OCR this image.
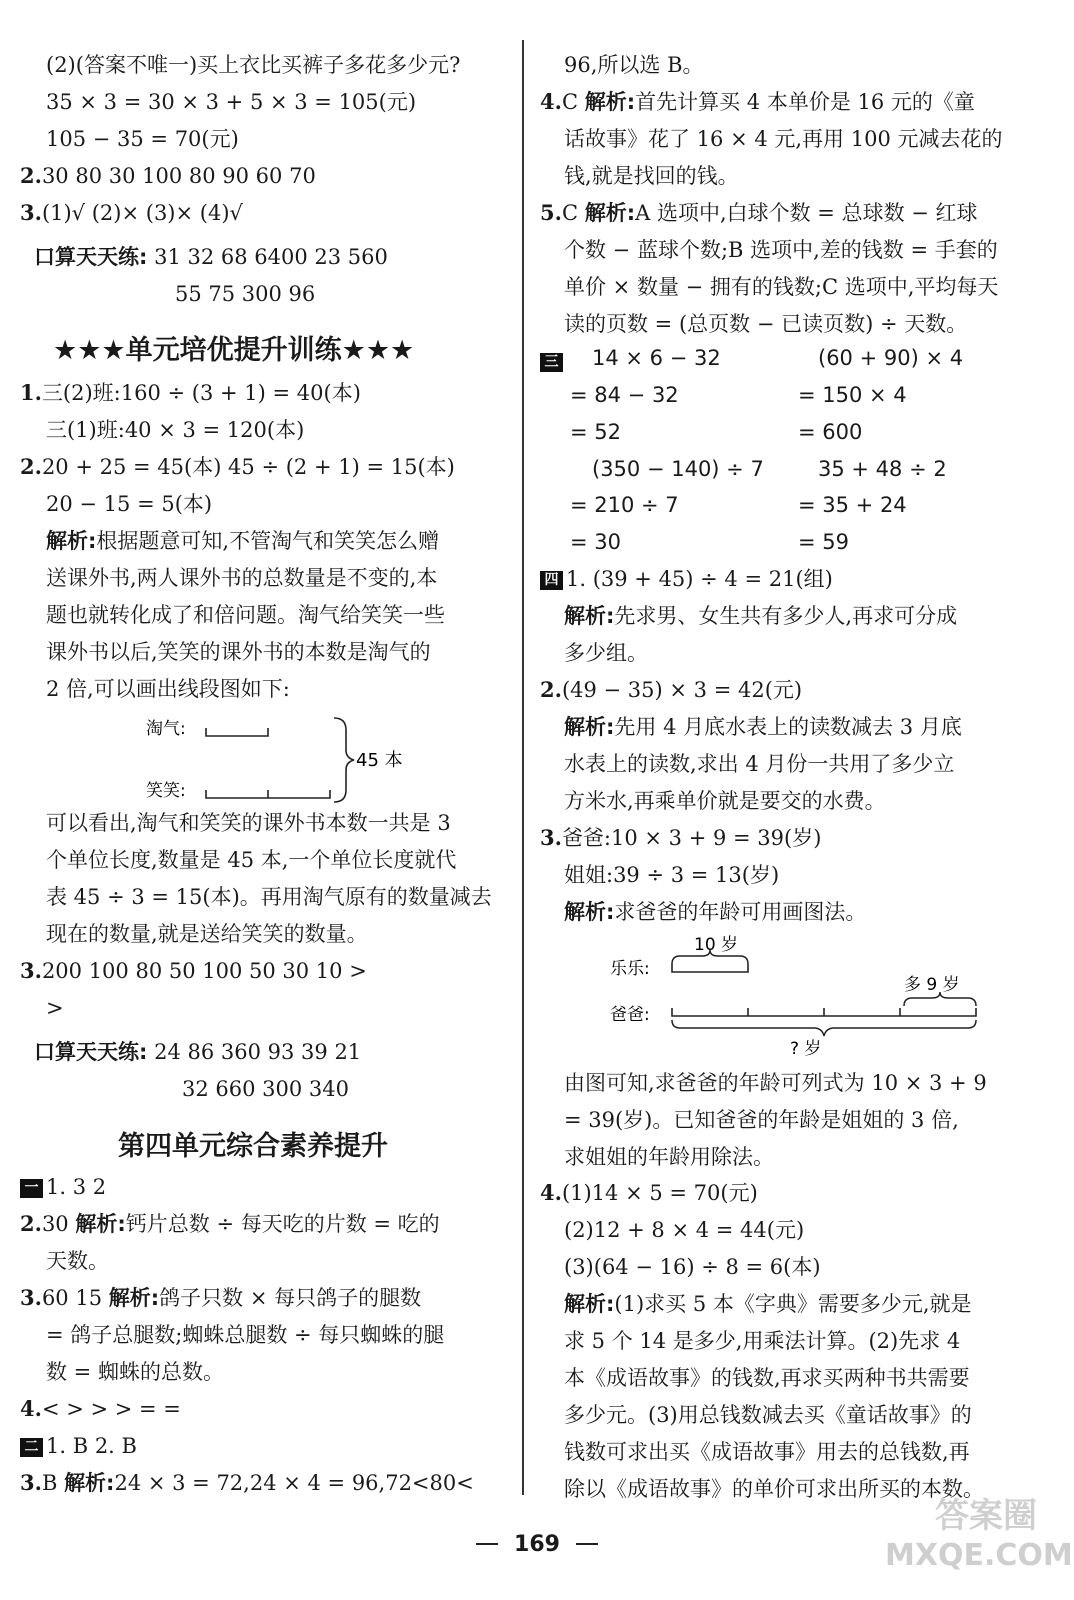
(2)(答案不唯一)买上衣比买裤子多花多少元?
35 × 3 = 30 × 3 + 5 × 3 = 105(元)
105 − 35 = 70(元)
2.30 80 30 100 80 90 60 70
3.(1)√ (2)× (3)× (4)√
口算天天练: 31 32 68 6400 23 560
55 75 300 96
★★★单元培优提升训练★★★
1.三(2)班:160 ÷ (3 + 1) = 40(本)
三(1)班:40 × 3 = 120(本)
2.20 + 25 = 45(本) 45 ÷ (2 + 1) = 15(本)
20 − 15 = 5(本)
解析:根据题意可知,不管淘气和笑笑怎么赠
送课外书,两人课外书的总数量是不变的,本
题也就转化成了和倍问题。淘气给笑笑一些
课外书以后,笑笑的课外书的本数是淘气的
2 倍,可以画出线段图如下:
淘气:
笑笑:
45 本
可以看出,淘气和笑笑的课外书本数一共是 3
个单位长度,数量是 45 本,一个单位长度就代
表 45 ÷ 3 = 15(本)。再用淘气原有的数量减去
现在的数量,就是送给笑笑的数量。
3.200 100 80 50 100 50 30 10 >
>
口算天天练: 24 86 360 93 39 21
32 660 300 340
第四单元综合素养提升
一 1. 3 2
2.30 解析:钙片总数 ÷ 每天吃的片数 = 吃的
天数。
3.60 15 解析:鸽子只数 × 每只鸽子的腿数
= 鸽子总腿数;蜘蛛总腿数 ÷ 每只蜘蛛的腿
数 = 蜘蛛的总数。
4.< > > > = =
二 1. B 2. B
3.B 解析:24 × 3 = 72,24 × 4 = 96,72<80<
96,所以选 B。
4.C 解析:首先计算买 4 本单价是 16 元的《童
话故事》花了 16 × 4 元,再用 100 元减去花的
钱,就是找回的钱。
5.C 解析:A 选项中,白球个数 = 总球数 − 红球
个数 − 蓝球个数;B 选项中,差的钱数 = 手套的
单价 × 数量 − 拥有的钱数;C 选项中,平均每天
读的页数 = (总页数 − 已读页数) ÷ 天数。
三	14 × 6 − 32
= 84 − 32
= 52
(60 + 90) × 4
= 150 × 4
= 600
(350 − 140) ÷ 7
= 210 ÷ 7
= 30
35 + 48 ÷ 2
= 35 + 24
= 59
四 1. (39 + 45) ÷ 4 = 21(组)
解析:先求男、女生共有多少人,再求可分成
多少组。
2.(49 − 35) × 3 = 42(元)
解析:先用 4 月底水表上的读数减去 3 月底
水表上的读数,求出 4 月份一共用了多少立
方米水,再乘单价就是要交的水费。
3.爸爸:10 × 3 + 9 = 39(岁)
姐姐:39 ÷ 3 = 13(岁)
解析:求爸爸的年龄可用画图法。
10 岁
乐乐:
多 9 岁
爸爸:
? 岁
由图可知,求爸爸的年龄可列式为 10 × 3 + 9
= 39(岁)。已知爸爸的年龄是姐姐的 3 倍,
求姐姐的年龄用除法。
4.(1)14 × 5 = 70(元)
(2)12 + 8 × 4 = 44(元)
(3)(64 − 16) ÷ 8 = 6(本)
解析:(1)求买 5 本《字典》需要多少元,就是
求 5 个 14 是多少,用乘法计算。(2)先求 4
本《成语故事》的钱数,再求买两种书共需要
多少元。(3)用总钱数减去买《童话故事》的
钱数可求出买《成语故事》用去的总钱数,再
除以《成语故事》的单价可求出所买的本数。
169
答案圈
MXQE.COM
